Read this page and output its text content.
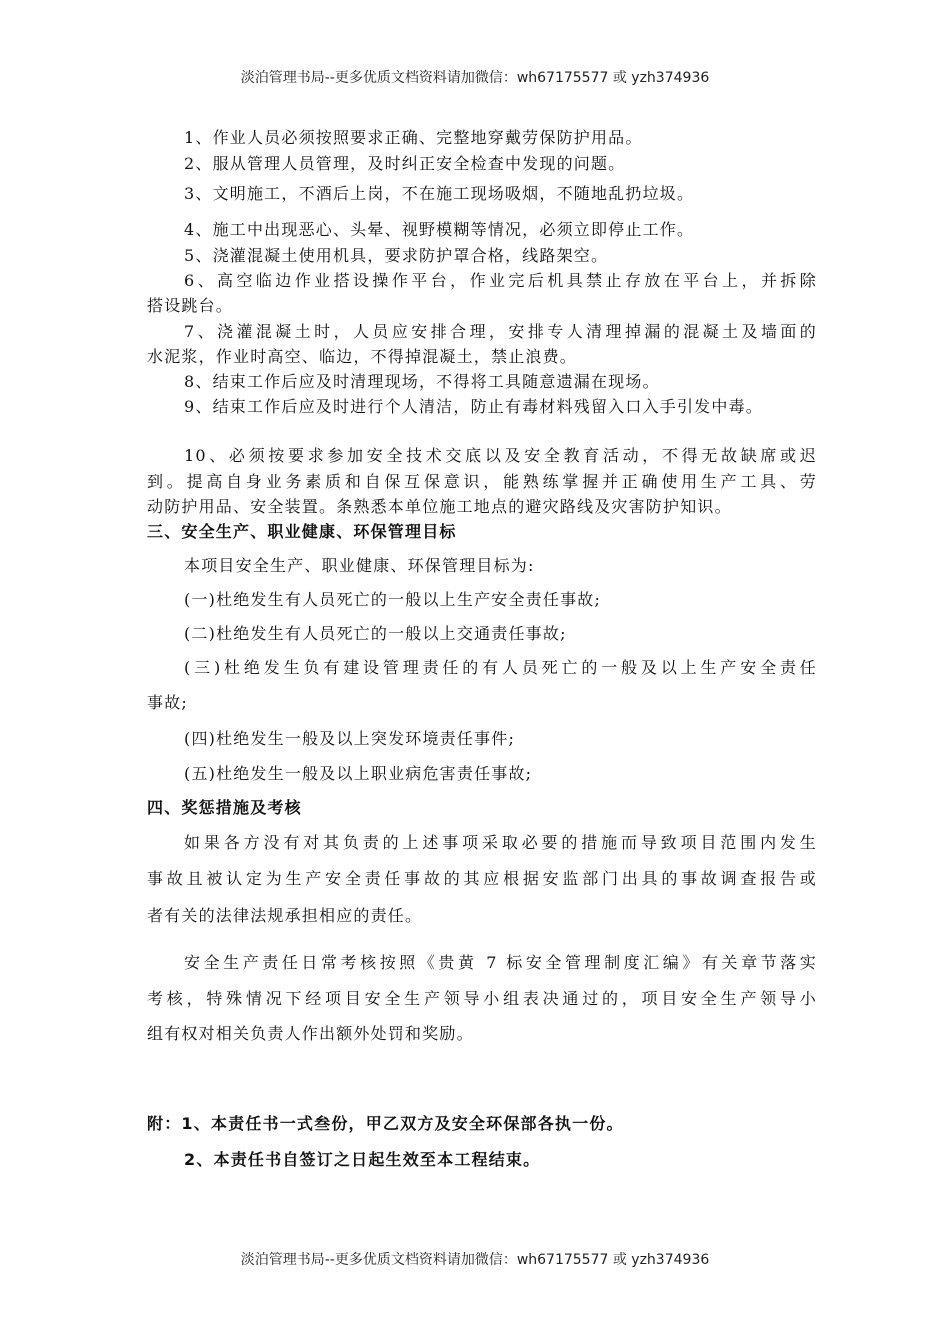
淡泊管理书局--更多优质文档资料请加微信：wh67175577 或 yzh374936
1、作业人员必须按照要求正确、完整地穿戴劳保防护用品。
2、服从管理人员管理，及时纠正安全检查中发现的问题。
3、文明施工，不酒后上岗，不在施工现场吸烟，不随地乱扔垃圾。
4、施工中出现恶心、头晕、视野模糊等情况，必须立即停止工作。
5、浇灌混凝土使用机具，要求防护罩合格，线路架空。
6、高空临边作业搭设操作平台，作业完后机具禁止存放在平台上，并拆除
搭设跳台。
7、浇灌混凝土时，人员应安排合理，安排专人清理掉漏的混凝土及墙面的
水泥浆，作业时高空、临边，不得掉混凝土，禁止浪费。
8、结束工作后应及时清理现场，不得将工具随意遗漏在现场。
9、结束工作后应及时进行个人清洁，防止有毒材料残留入口入手引发中毒。
10、必须按要求参加安全技术交底以及安全教育活动，不得无故缺席或迟
到。提高自身业务素质和自保互保意识，能熟练掌握并正确使用生产工具、劳
动防护用品、安全装置。条熟悉本单位施工地点的避灾路线及灾害防护知识。
三、安全生产、职业健康、环保管理目标
本项目安全生产、职业健康、环保管理目标为:
(一)杜绝发生有人员死亡的一般以上生产安全责任事故;
(二)杜绝发生有人员死亡的一般以上交通责任事故;
(三)杜绝发生负有建设管理责任的有人员死亡的一般及以上生产安全责任
事故;
(四)杜绝发生一般及以上突发环境责任事件;
(五)杜绝发生一般及以上职业病危害责任事故;
四、奖惩措施及考核
如果各方没有对其负责的上述事项采取必要的措施而导致项目范围内发生
事故且被认定为生产安全责任事故的其应根据安监部门出具的事故调查报告或
者有关的法律法规承担相应的责任。
安全生产责任日常考核按照《贵黄 7 标安全管理制度汇编》有关章节落实
考核，特殊情况下经项目安全生产领导小组表决通过的，项目安全生产领导小
组有权对相关负责人作出额外处罚和奖励。
附：1、本责任书一式叁份，甲乙双方及安全环保部各执一份。
2、本责任书自签订之日起生效至本工程结束。
淡泊管理书局--更多优质文档资料请加微信：wh67175577 或 yzh374936
